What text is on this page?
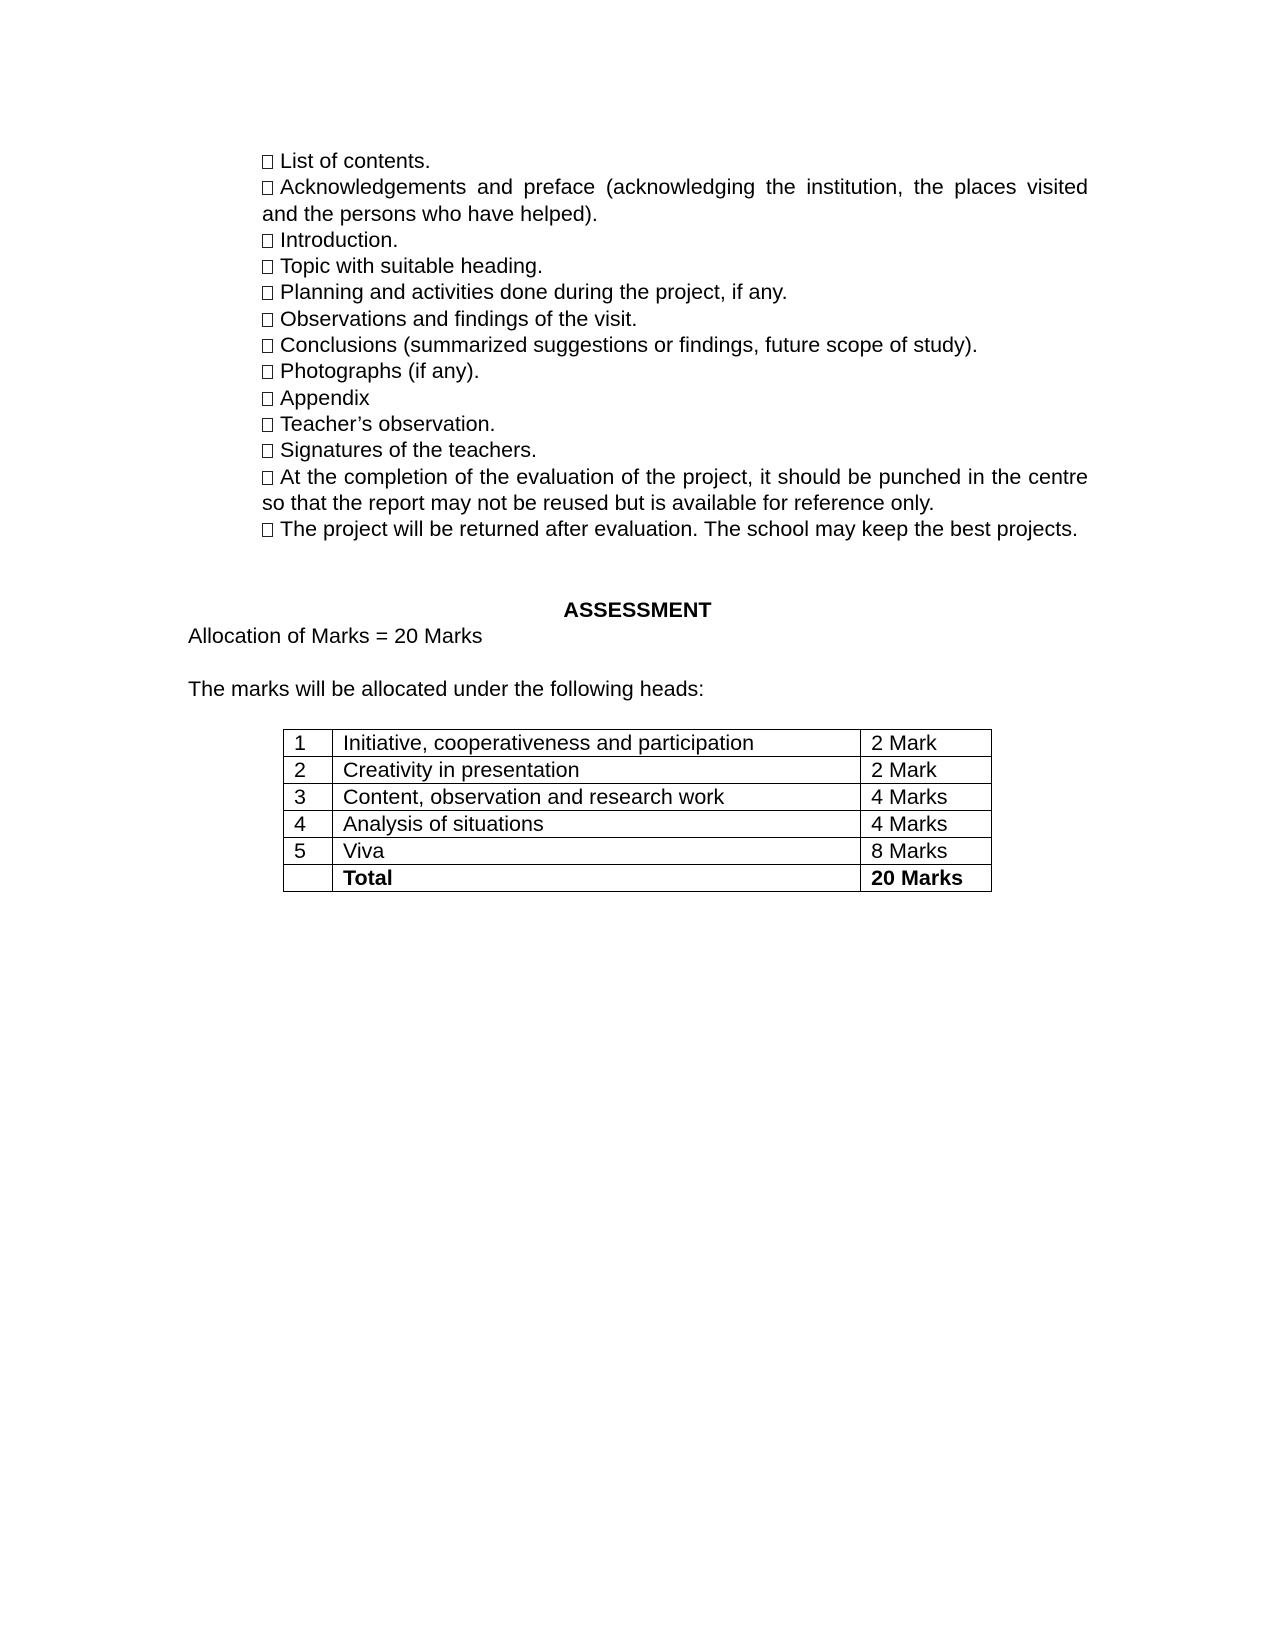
List of contents.
Acknowledgements and preface (acknowledging the institution, the places visited and the persons who have helped).
Introduction.
Topic with suitable heading.
Planning and activities done during the project, if any.
Observations and findings of the visit.
Conclusions (summarized suggestions or findings, future scope of study).
Photographs (if any).
Appendix
Teacher’s observation.
Signatures of the teachers.
At the completion of the evaluation of the project, it should be punched in the centre so that the report may not be reused but is available for reference only.
The project will be returned after evaluation. The school may keep the best projects.
ASSESSMENT

Allocation of Marks = 20 Marks

The marks will be allocated under the following heads:

1	Initiative, cooperativeness and participation	2 Mark
2	Creativity in presentation	2 Mark
3	Content, observation and research work	4 Marks
4	Analysis of situations	4 Marks
5	Viva	8 Marks
	Total	20 Marks
